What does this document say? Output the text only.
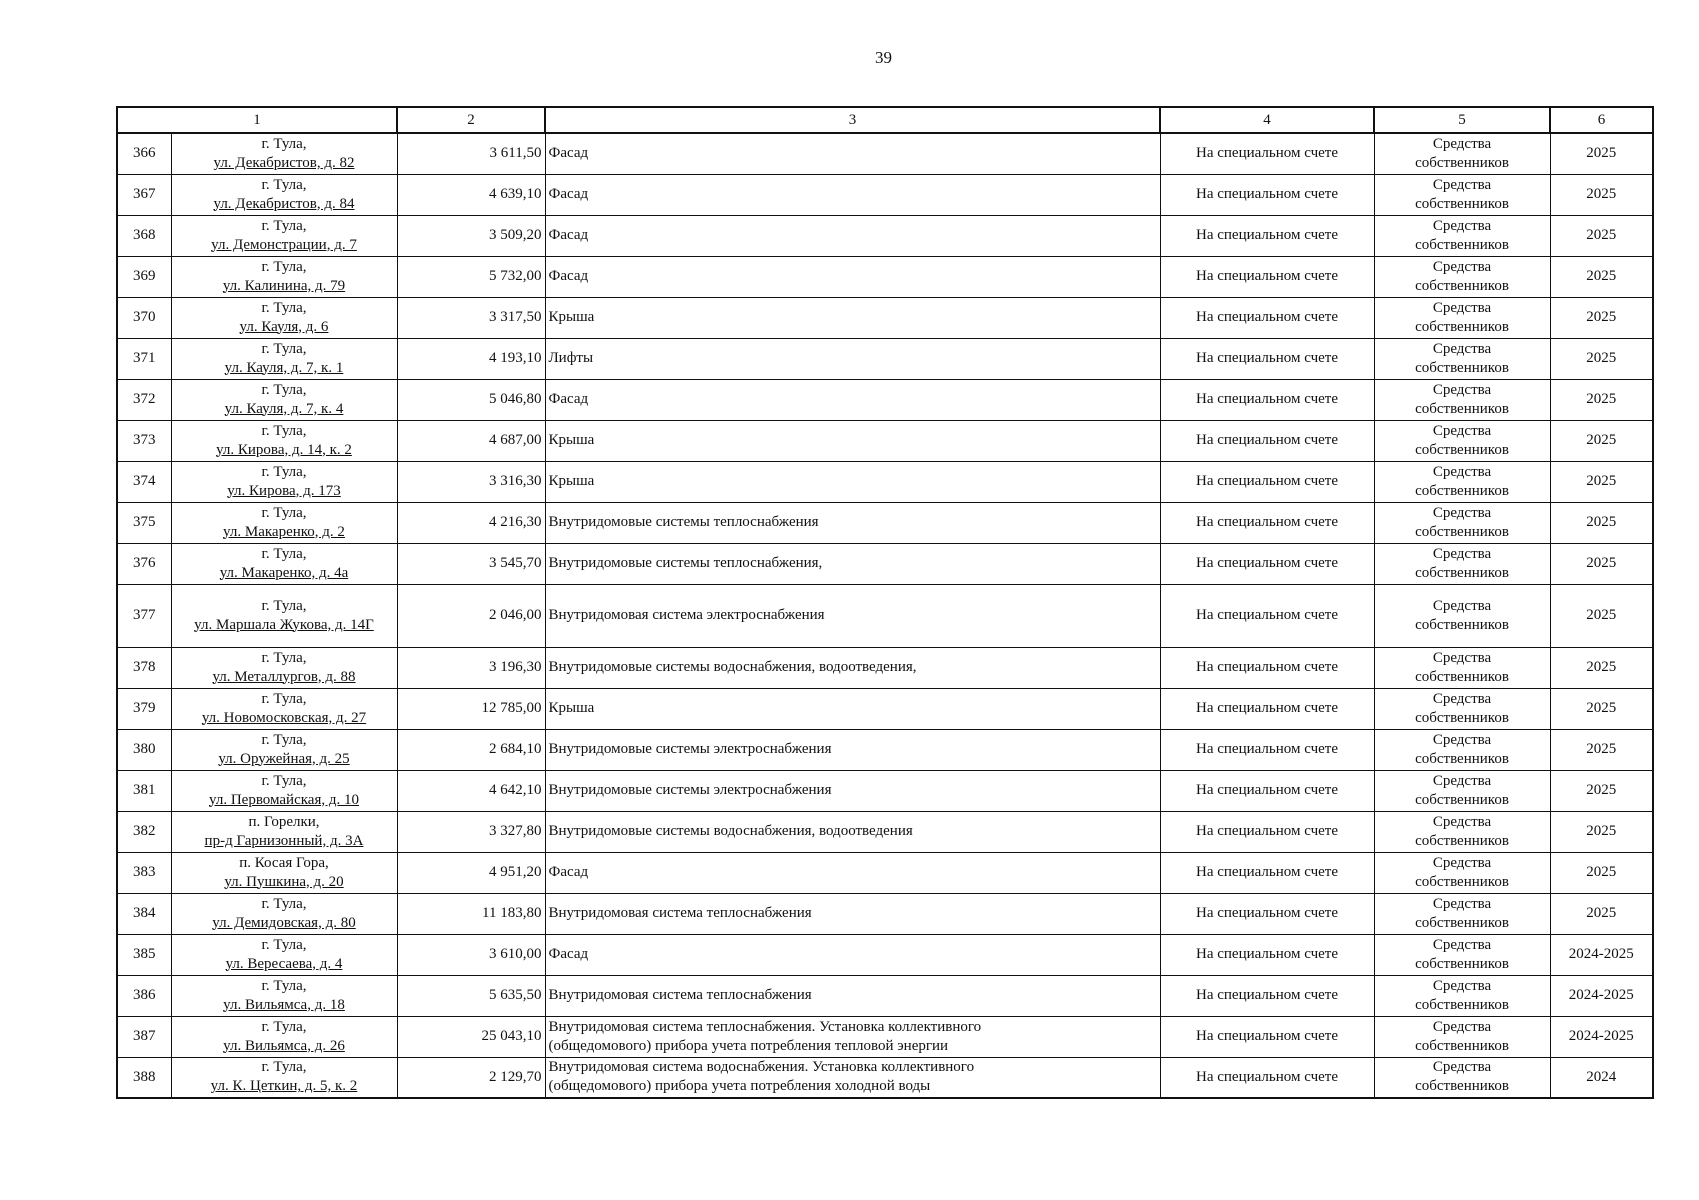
39
1		2	3	4	5	6
366	г. Тула,
ул. Декабристов, д. 82	3 611,50	Фасад	На специальном счете	Средства
собственников	2025
367	г. Тула,
ул. Декабристов, д. 84	4 639,10	Фасад	На специальном счете	Средства
собственников	2025
368	г. Тула,
ул. Демонстрации, д. 7	3 509,20	Фасад	На специальном счете	Средства
собственников	2025
369	г. Тула,
ул. Калинина, д. 79	5 732,00	Фасад	На специальном счете	Средства
собственников	2025
370	г. Тула,
ул. Кауля, д. 6	3 317,50	Крыша	На специальном счете	Средства
собственников	2025
371	г. Тула,
ул. Кауля, д. 7, к. 1	4 193,10	Лифты	На специальном счете	Средства
собственников	2025
372	г. Тула,
ул. Кауля, д. 7, к. 4	5 046,80	Фасад	На специальном счете	Средства
собственников	2025
373	г. Тула,
ул. Кирова, д. 14, к. 2	4 687,00	Крыша	На специальном счете	Средства
собственников	2025
374	г. Тула,
ул. Кирова, д. 173	3 316,30	Крыша	На специальном счете	Средства
собственников	2025
375	г. Тула,
ул. Макаренко, д. 2	4 216,30	Внутридомовые системы теплоснабжения	На специальном счете	Средства
собственников	2025
376	г. Тула,
ул. Макаренко, д. 4а	3 545,70	Внутридомовые системы теплоснабжения,	На специальном счете	Средства
собственников	2025
377	г. Тула,
ул. Маршала Жукова, д. 14Г	2 046,00	Внутридомовая система электроснабжения	На специальном счете	Средства
собственников	2025
378	г. Тула,
ул. Металлургов, д. 88	3 196,30	Внутридомовые системы водоснабжения, водоотведения,	На специальном счете	Средства
собственников	2025
379	г. Тула,
ул. Новомосковская, д. 27	12 785,00	Крыша	На специальном счете	Средства
собственников	2025
380	г. Тула,
ул. Оружейная, д. 25	2 684,10	Внутридомовые системы электроснабжения	На специальном счете	Средства
собственников	2025
381	г. Тула,
ул. Первомайская, д. 10	4 642,10	Внутридомовые системы электроснабжения	На специальном счете	Средства
собственников	2025
382	п. Горелки,
пр-д Гарнизонный, д. 3А	3 327,80	Внутридомовые системы водоснабжения, водоотведения	На специальном счете	Средства
собственников	2025
383	п. Косая Гора,
ул. Пушкина, д. 20	4 951,20	Фасад	На специальном счете	Средства
собственников	2025
384	г. Тула,
ул. Демидовская, д. 80	11 183,80	Внутридомовая система теплоснабжения	На специальном счете	Средства
собственников	2025
385	г. Тула,
ул. Вересаева, д. 4	3 610,00	Фасад	На специальном счете	Средства
собственников	2024-2025
386	г. Тула,
ул. Вильямса, д. 18	5 635,50	Внутридомовая система теплоснабжения	На специальном счете	Средства
собственников	2024-2025
387	г. Тула,
ул. Вильямса, д. 26	25 043,10	Внутридомовая система теплоснабжения. Установка коллективного
(общедомового) прибора учета потребления тепловой энергии	На специальном счете	Средства
собственников	2024-2025
388	г. Тула,
ул. К. Цеткин, д. 5, к. 2	2 129,70	Внутридомовая система водоснабжения. Установка коллективного
(общедомового) прибора учета потребления холодной воды	На специальном счете	Средства
собственников	2024
